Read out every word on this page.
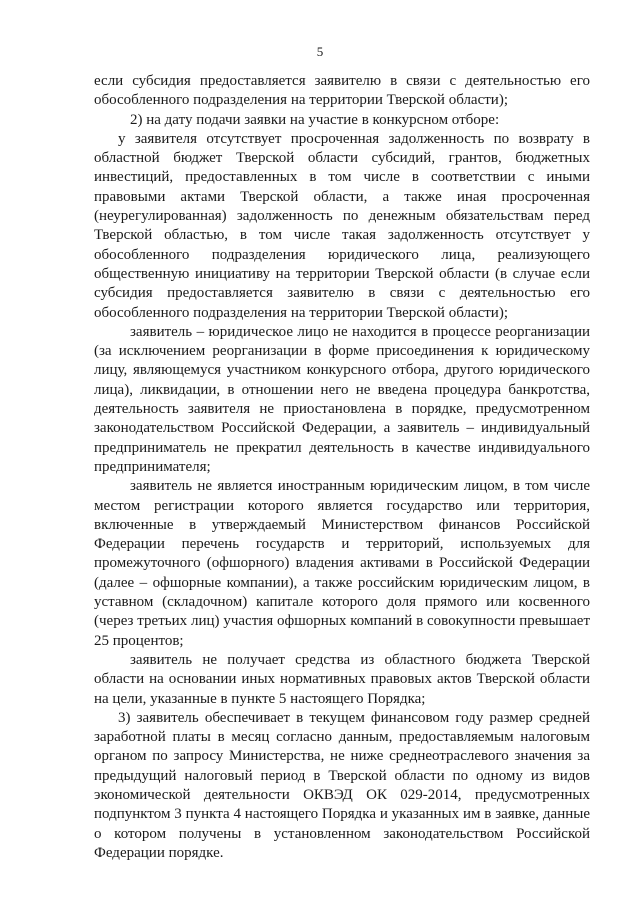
5

если субсидия предоставляется заявителю в связи с деятельностью его обособленного подразделения на территории Тверской области);

2) на дату подачи заявки на участие в конкурсном отборе:

у заявителя отсутствует просроченная задолженность по возврату в областной бюджет Тверской области субсидий, грантов, бюджетных инвестиций, предоставленных в том числе в соответствии с иными правовыми актами Тверской области, а также иная просроченная (неурегулированная) задолженность по денежным обязательствам перед Тверской областью, в том числе такая задолженность отсутствует у обособленного подразделения юридического лица, реализующего общественную инициативу на территории Тверской области (в случае если субсидия предоставляется заявителю в связи с деятельностью его обособленного подразделения на территории Тверской области);

заявитель – юридическое лицо не находится в процессе реорганизации (за исключением реорганизации в форме присоединения к юридическому лицу, являющемуся участником конкурсного отбора, другого юридического лица), ликвидации, в отношении него не введена процедура банкротства, деятельность заявителя не приостановлена в порядке, предусмотренном законодательством Российской Федерации, а заявитель – индивидуальный предприниматель не прекратил деятельность в качестве индивидуального предпринимателя;

заявитель не является иностранным юридическим лицом, в том числе местом регистрации которого является государство или территория, включенные в утверждаемый Министерством финансов Российской Федерации перечень государств и территорий, используемых для промежуточного (офшорного) владения активами в Российской Федерации (далее – офшорные компании), а также российским юридическим лицом, в уставном (складочном) капитале которого доля прямого или косвенного (через третьих лиц) участия офшорных компаний в совокупности превышает 25 процентов;

заявитель не получает средства из областного бюджета Тверской области на основании иных нормативных правовых актов Тверской области на цели, указанные в пункте 5 настоящего Порядка;

3) заявитель обеспечивает в текущем финансовом году размер средней заработной платы в месяц согласно данным, предоставляемым налоговым органом по запросу Министерства, не ниже среднеотраслевого значения за предыдущий налоговый период в Тверской области по одному из видов экономической деятельности ОКВЭД ОК 029-2014, предусмотренных подпунктом 3 пункта 4 настоящего Порядка и указанных им в заявке, данные о котором получены в установленном законодательством Российской Федерации порядке.
